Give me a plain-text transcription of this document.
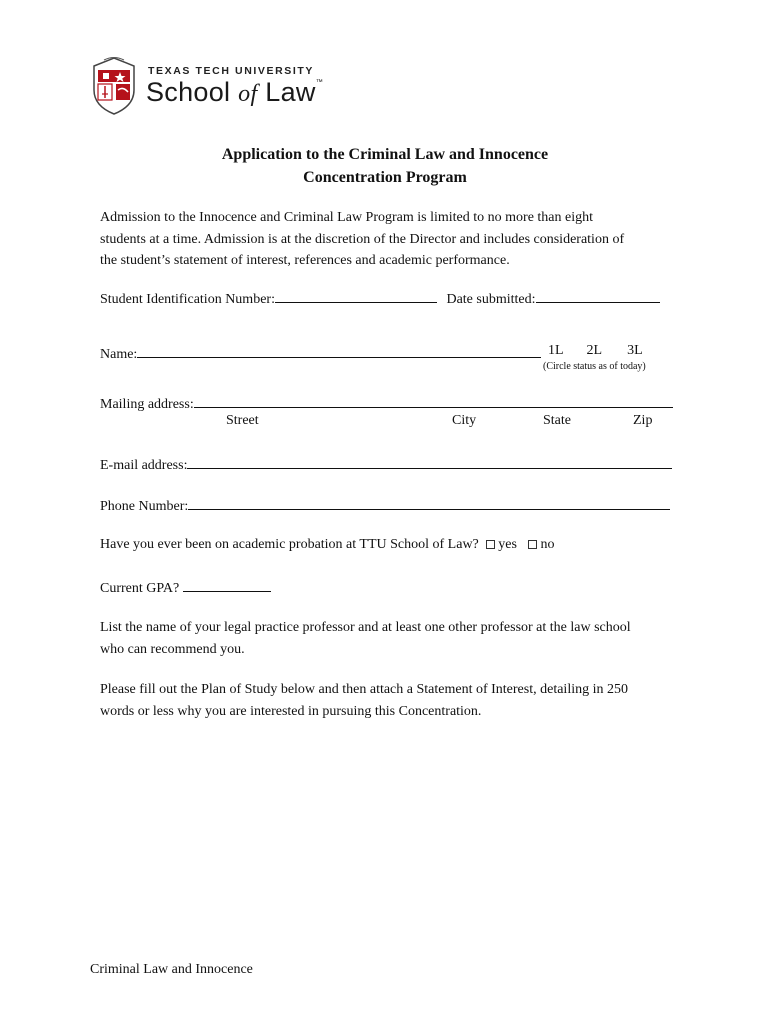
TEXAS TECH UNIVERSITY
School of Law™
Application to the Criminal Law and Innocence
Concentration Program
Admission to the Innocence and Criminal Law Program is limited to no more than eight
students at a time. Admission is at the discretion of the Director and includes consideration of
the student’s statement of interest, references and academic performance.
Student Identification Number:	Date submitted:
Name:	1L 2L 3L
(Circle status as of today)
Mailing address:
Street	City	State	Zip
E-mail address:
Phone Number:
Have you ever been on academic probation at TTU School of Law? yes no
Current GPA?
List the name of your legal practice professor and at least one other professor at the law school
who can recommend you.
Please fill out the Plan of Study below and then attach a Statement of Interest, detailing in 250
words or less why you are interested in pursuing this Concentration.
Criminal Law and Innocence
